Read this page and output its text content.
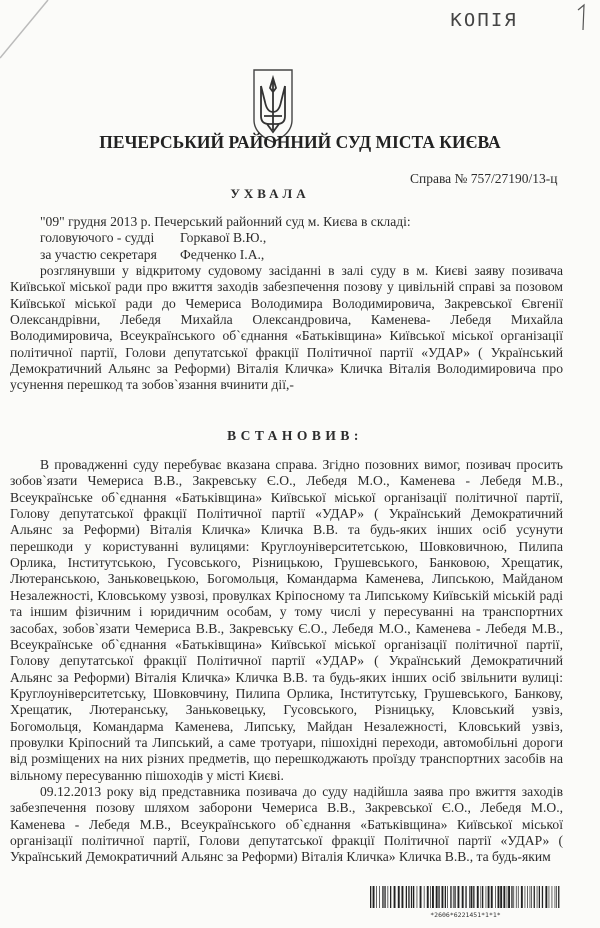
КОПІЯ
ПЕЧЕРСЬКИЙ РАЙОННИЙ СУД МІСТА КИЄВА
Справа № 757/27190/13-ц
УХВАЛА
"09" грудня 2013 р. Печерський районний суд м. Києва в складі:
головуючого - судді Горкавої В.Ю.,
за участю секретаря Федченко І.А.,
розглянувши у відкритому судовому засіданні в залі суду в м. Києві заяву позивача
Київської міської ради про вжиття заходів забезпечення позову у цивільній справі за позовом
Київської міської ради до Чемериса Володимира Володимировича, Закревської Євгенії
Олександрівни, Лебедя Михайла Олександровича, Каменева- Лебедя Михайла
Володимировича, Всеукраїнського об`єднання «Батьківщина» Київської міської організації
політичної партії, Голови депутатської фракції Політичної партії «УДАР» ( Український
Демократичний Альянс за Реформи) Віталія Кличка» Кличка Віталія Володимировича про
усунення перешкод та зобов`язання вчинити дії,-
ВСТАНОВИВ:
В провадженні суду перебуває вказана справа. Згідно позовних вимог, позивач просить
зобов`язати Чемериса В.В., Закревську Є.О., Лебедя М.О., Каменева - Лебедя М.В.,
Всеукраїнське об`єднання «Батьківщина» Київської міської організації політичної партії,
Голову депутатської фракції Політичної партії «УДАР» ( Український Демократичний
Альянс за Реформи) Віталія Кличка» Кличка В.В. та будь-яких інших осіб усунути
перешкоди у користуванні вулицями: Круглоуніверситетською, Шовковичною, Пилипа
Орлика, Інститутською, Гусовського, Різницькою, Грушевського, Банковою, Хрещатик,
Лютеранською, Заньковецькою, Богомольця, Командарма Каменева, Липською, Майданом
Незалежності, Кловському узвозі, провулках Кріпосному та Липському Київській міській раді
та іншим фізичним і юридичним особам, у тому числі у пересуванні на транспортних
засобах, зобов`язати Чемериса В.В., Закревську Є.О., Лебедя М.О., Каменева - Лебедя М.В.,
Всеукраїнське об`єднання «Батьківщина» Київської міської організації політичної партії,
Голову депутатської фракції Політичної партії «УДАР» ( Український Демократичний
Альянс за Реформи) Віталія Кличка» Кличка В.В. та будь-яких інших осіб звільнити вулиці:
Круглоуніверситетську, Шовковчину, Пилипа Орлика, Інститутську, Грушевського, Банкову,
Хрещатик, Лютеранську, Заньковецьку, Гусовського, Різницьку, Кловський узвіз,
Богомольця, Командарма Каменева, Липську, Майдан Незалежності, Кловський узвіз,
провулки Кріпосний та Липський, а саме тротуари, пішохідні переходи, автомобільні дороги
від розміщених на них різних предметів, що перешкоджають проїзду транспортних засобів на
вільному пересуванню пішоходів у місті Києві.
09.12.2013 року від представника позивача до суду надійшла заява про вжиття заходів
забезпечення позову шляхом заборони Чемериса В.В., Закревської Є.О., Лебедя М.О.,
Каменева - Лебедя М.В., Всеукраїнського об`єднання «Батьківщина» Київської міської
організації політичної партії, Голови депутатської фракції Політичної партії «УДАР» (
Український Демократичний Альянс за Реформи) Віталія Кличка» Кличка В.В., та будь-яким
*2606*6221451*1*1*
